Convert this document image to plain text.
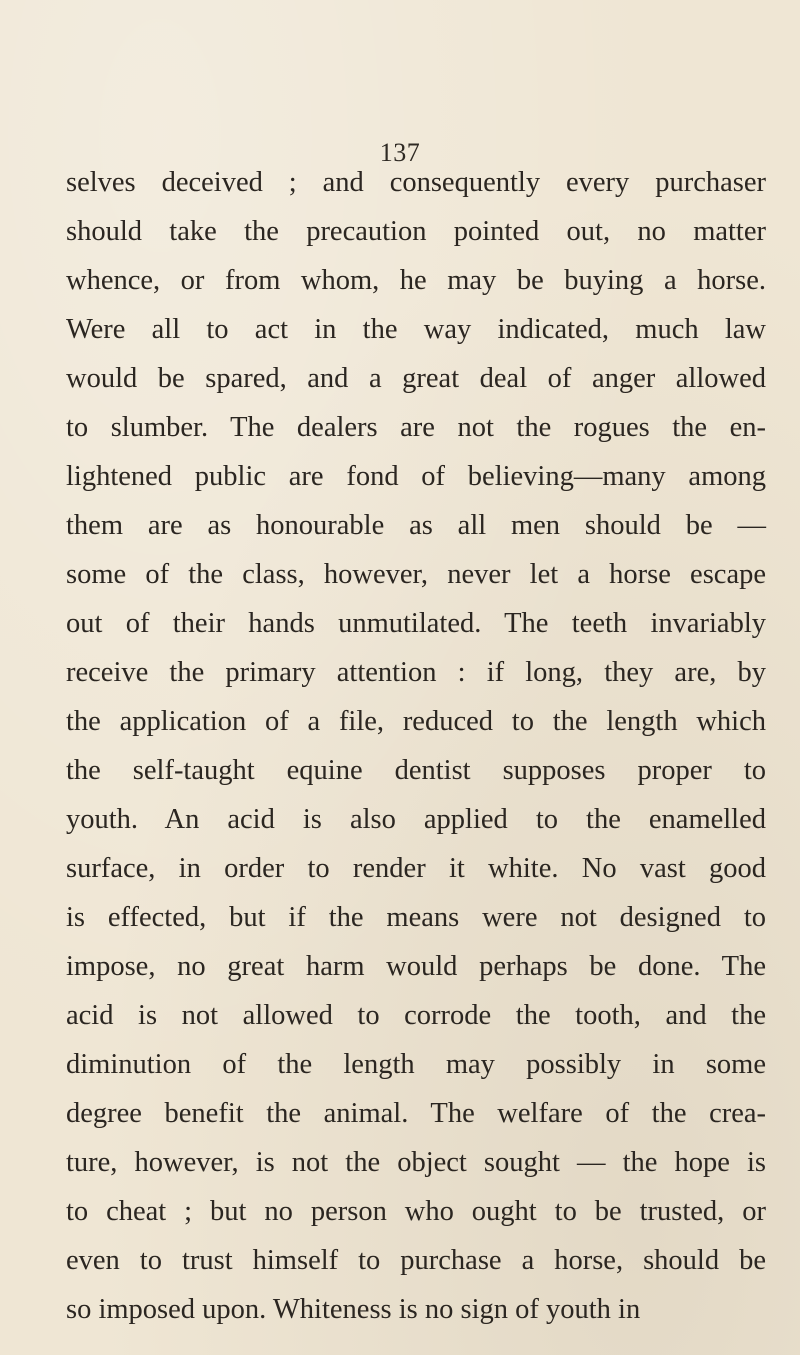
137
selves deceived ; and consequently every purchaser
should take the precaution pointed out, no matter
whence, or from whom, he may be buying a horse.
Were all to act in the way indicated, much law
would be spared, and a great deal of anger allowed
to slumber. The dealers are not the rogues the en-
lightened public are fond of believing—many among
them are as honourable as all men should be —
some of the class, however, never let a horse escape
out of their hands unmutilated. The teeth invariably
receive the primary attention : if long, they are, by
the application of a file, reduced to the length which
the self-taught equine dentist supposes proper to
youth. An acid is also applied to the enamelled
surface, in order to render it white. No vast good
is effected, but if the means were not designed to
impose, no great harm would perhaps be done. The
acid is not allowed to corrode the tooth, and the
diminution of the length may possibly in some
degree benefit the animal. The welfare of the crea-
ture, however, is not the object sought — the hope is
to cheat ; but no person who ought to be trusted, or
even to trust himself to purchase a horse, should be
so imposed upon. Whiteness is no sign of youth in
